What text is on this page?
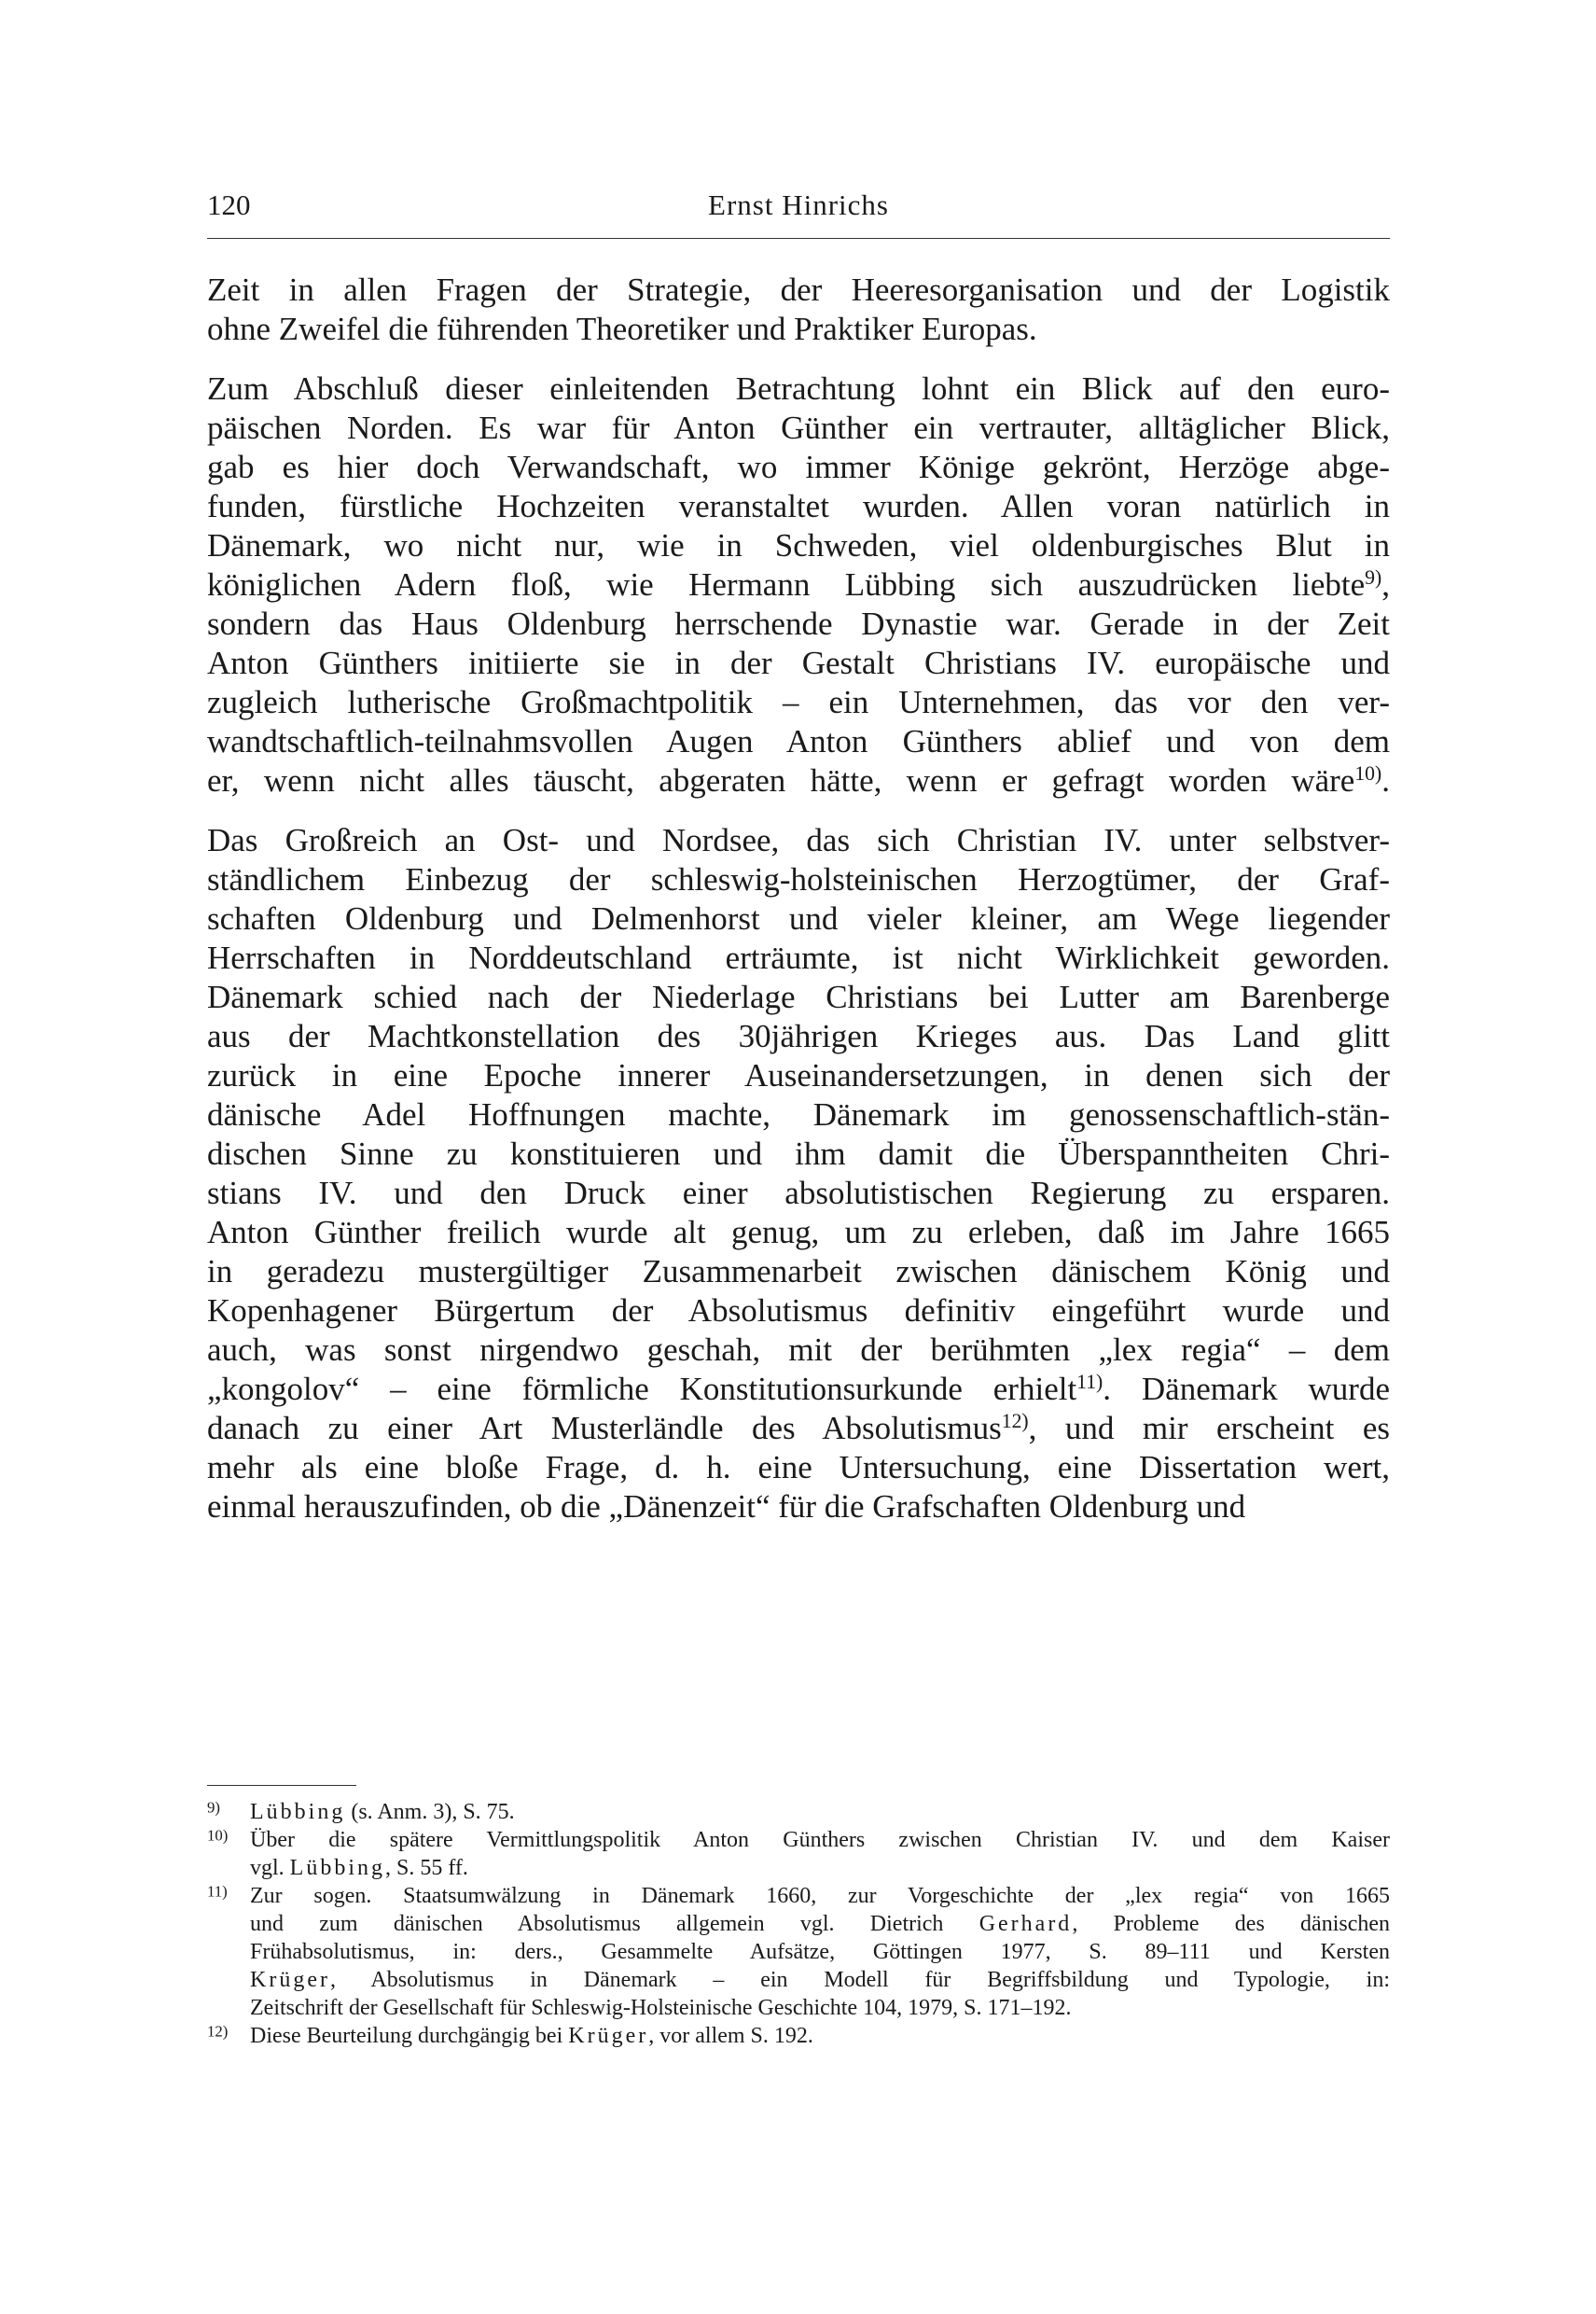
120	Ernst Hinrichs

Zeit in allen Fragen der Strategie, der Heeresorganisation und der Logistik
ohne Zweifel die führenden Theoretiker und Praktiker Europas.

Zum Abschluß dieser einleitenden Betrachtung lohnt ein Blick auf den euro-
päischen Norden. Es war für Anton Günther ein vertrauter, alltäglicher Blick,
gab es hier doch Verwandschaft, wo immer Könige gekrönt, Herzöge abge-
funden, fürstliche Hochzeiten veranstaltet wurden. Allen voran natürlich in
Dänemark, wo nicht nur, wie in Schweden, viel oldenburgisches Blut in
königlichen Adern floß, wie Hermann Lübbing sich auszudrücken liebte$^{9)}$,
sondern das Haus Oldenburg herrschende Dynastie war. Gerade in der Zeit
Anton Günthers initiierte sie in der Gestalt Christians IV. europäische und
zugleich lutherische Großmachtpolitik – ein Unternehmen, das vor den ver-
wandtschaftlich-teilnahmsvollen Augen Anton Günthers ablief und von dem
er, wenn nicht alles täuscht, abgeraten hätte, wenn er gefragt worden wäre$^{10)}$.

Das Großreich an Ost- und Nordsee, das sich Christian IV. unter selbstver-
ständlichem Einbezug der schleswig-holsteinischen Herzogtümer, der Graf-
schaften Oldenburg und Delmenhorst und vieler kleiner, am Wege liegender
Herrschaften in Norddeutschland erträumte, ist nicht Wirklichkeit geworden.
Dänemark schied nach der Niederlage Christians bei Lutter am Barenberge
aus der Machtkonstellation des 30jährigen Krieges aus. Das Land glitt
zurück in eine Epoche innerer Auseinandersetzungen, in denen sich der
dänische Adel Hoffnungen machte, Dänemark im genossenschaftlich-stän-
dischen Sinne zu konstituieren und ihm damit die Überspanntheiten Chri-
stians IV. und den Druck einer absolutistischen Regierung zu ersparen.
Anton Günther freilich wurde alt genug, um zu erleben, daß im Jahre 1665
in geradezu mustergültiger Zusammenarbeit zwischen dänischem König und
Kopenhagener Bürgertum der Absolutismus definitiv eingeführt wurde und
auch, was sonst nirgendwo geschah, mit der berühmten „lex regia“ – dem
„kongolov“ – eine förmliche Konstitutionsurkunde erhielt$^{11)}$. Dänemark wurde
danach zu einer Art Musterländle des Absolutismus$^{12)}$, und mir erscheint es
mehr als eine bloße Frage, d. h. eine Untersuchung, eine Dissertation wert,
einmal herauszufinden, ob die „Dänenzeit“ für die Grafschaften Oldenburg und

$^{9)}$ Lübbing (s. Anm. 3), S. 75.
$^{10)}$ Über die spätere Vermittlungspolitik Anton Günthers zwischen Christian IV. und dem Kaiser
vgl. Lübbing, S. 55 ff.
$^{11)}$ Zur sogen. Staatsumwälzung in Dänemark 1660, zur Vorgeschichte der „lex regia“ von 1665
und zum dänischen Absolutismus allgemein vgl. Dietrich Gerhard, Probleme des dänischen
Frühabsolutismus, in: ders., Gesammelte Aufsätze, Göttingen 1977, S. 89–111 und Kersten
Krüger, Absolutismus in Dänemark – ein Modell für Begriffsbildung und Typologie, in:
Zeitschrift der Gesellschaft für Schleswig-Holsteinische Geschichte 104, 1979, S. 171–192.
$^{12)}$ Diese Beurteilung durchgängig bei Krüger, vor allem S. 192.
